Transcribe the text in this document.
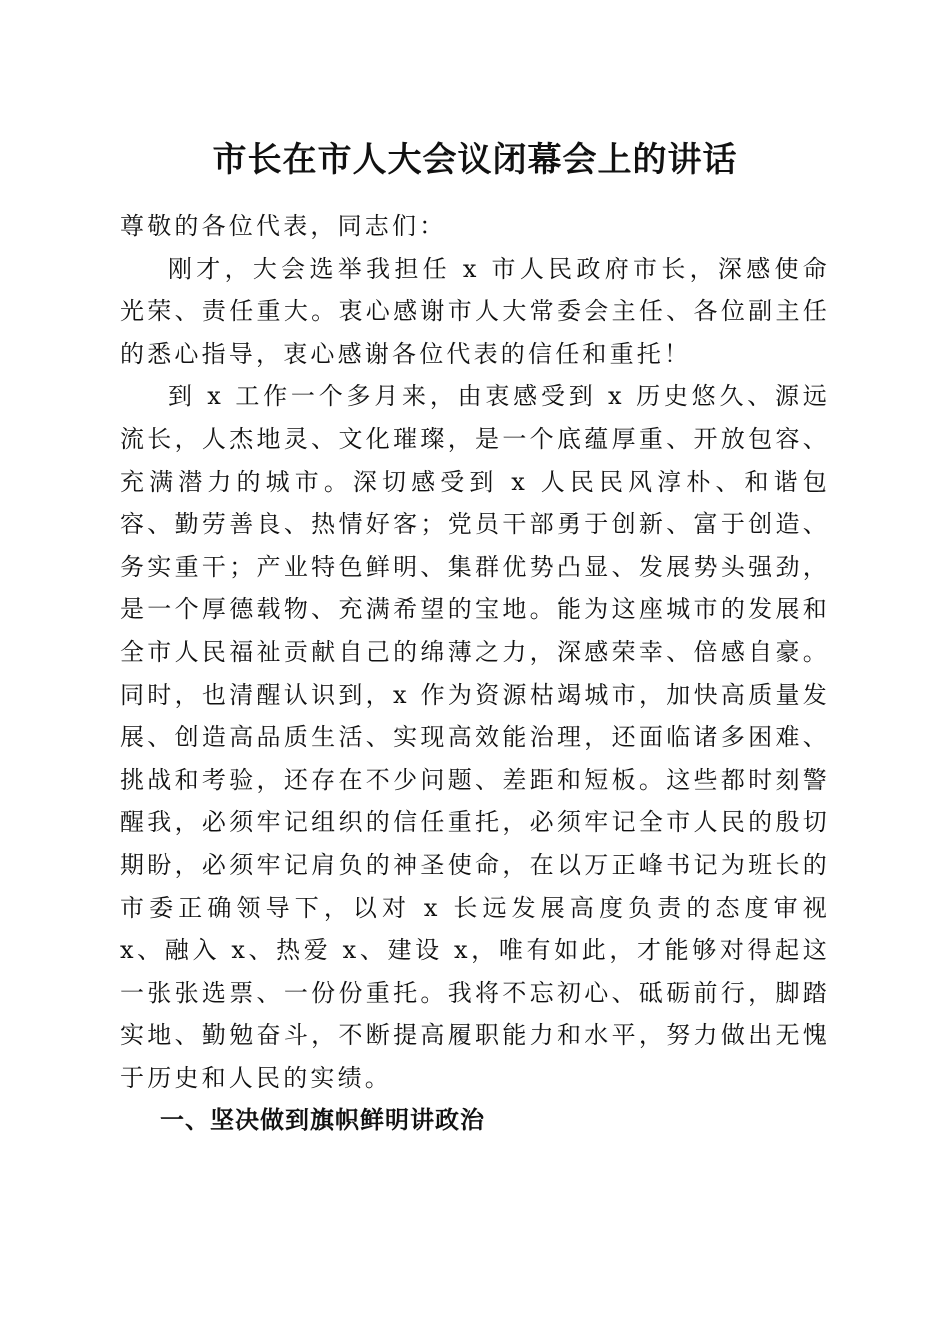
市长在市人大会议闭幕会上的讲话

尊敬的各位代表，同志们：

刚才，大会选举我担任 x 市人民政府市长，深感使命光荣、责任重大。衷心感谢市人大常委会主任、各位副主任的悉心指导，衷心感谢各位代表的信任和重托！

到 x 工作一个多月来，由衷感受到 x 历史悠久、源远流长，人杰地灵、文化璀璨，是一个底蕴厚重、开放包容、充满潜力的城市。深切感受到 x 人民民风淳朴、和谐包容、勤劳善良、热情好客；党员干部勇于创新、富于创造、务实重干；产业特色鲜明、集群优势凸显、发展势头强劲，是一个厚德载物、充满希望的宝地。能为这座城市的发展和全市人民福祉贡献自己的绵薄之力，深感荣幸、倍感自豪。同时，也清醒认识到，x 作为资源枯竭城市，加快高质量发展、创造高品质生活、实现高效能治理，还面临诸多困难、挑战和考验，还存在不少问题、差距和短板。这些都时刻警醒我，必须牢记组织的信任重托，必须牢记全市人民的殷切期盼，必须牢记肩负的神圣使命，在以万正峰书记为班长的市委正确领导下，以对 x 长远发展高度负责的态度审视 x、融入 x、热爱 x、建设 x，唯有如此，才能够对得起这一张张选票、一份份重托。我将不忘初心、砥砺前行，脚踏实地、勤勉奋斗，不断提高履职能力和水平，努力做出无愧于历史和人民的实绩。

一、坚决做到旗帜鲜明讲政治
